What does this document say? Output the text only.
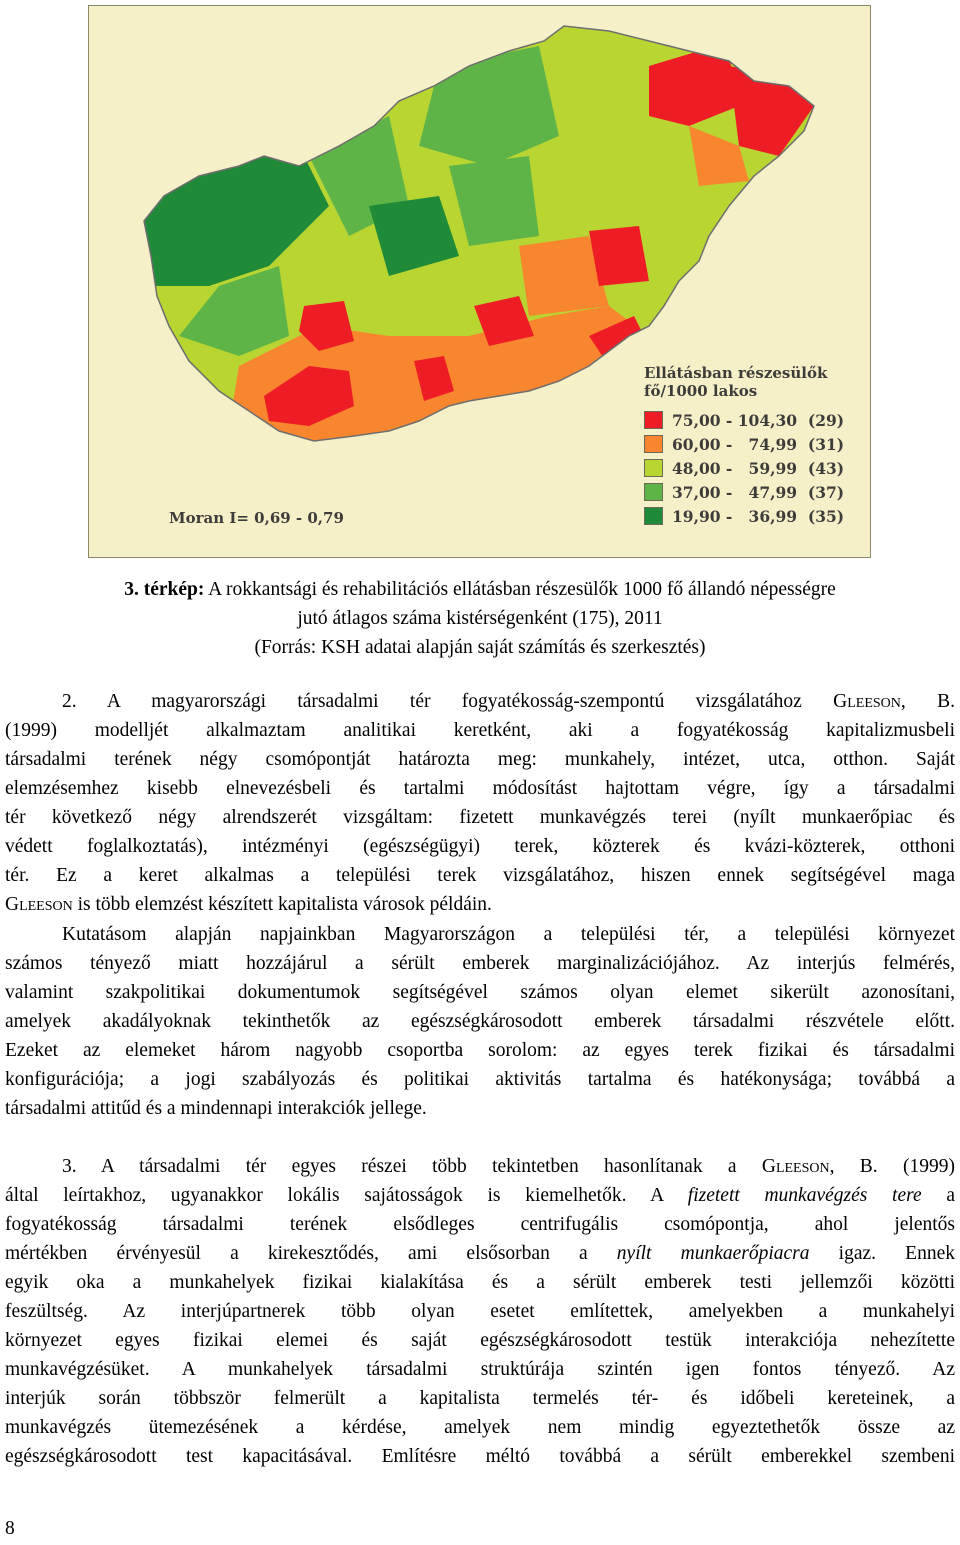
Ellátásban részesülők
fő/1000 lakos
75,00 - 104,30  (29)
60,00 -   74,99  (31)
48,00 -   59,99  (43)
37,00 -   47,99  (37)
19,90 -   36,99  (35)
Moran I= 0,69 - 0,79
3. térkép: A rokkantsági és rehabilitációs ellátásban részesülők 1000 fő állandó népességre
jutó átlagos száma kistérségenként (175), 2011
(Forrás: KSH adatai alapján saját számítás és szerkesztés)
2. A magyarországi társadalmi tér fogyatékosság-szempontú vizsgálatához Gleeson, B.
(1999) modelljét alkalmaztam analitikai keretként, aki a fogyatékosság kapitalizmusbeli
társadalmi terének négy csomópontját határozta meg: munkahely, intézet, utca, otthon. Saját
elemzésemhez kisebb elnevezésbeli és tartalmi módosítást hajtottam végre, így a társadalmi
tér következő négy alrendszerét vizsgáltam: fizetett munkavégzés terei (nyílt munkaerőpiac és
védett foglalkoztatás), intézményi (egészségügyi) terek, közterek és kvázi-közterek, otthoni
tér. Ez a keret alkalmas a települési terek vizsgálatához, hiszen ennek segítségével maga
Gleeson is több elemzést készített kapitalista városok példáin.
Kutatásom alapján napjainkban Magyarországon a települési tér, a települési környezet
számos tényező miatt hozzájárul a sérült emberek marginalizációjához. Az interjús felmérés,
valamint szakpolitikai dokumentumok segítségével számos olyan elemet sikerült azonosítani,
amelyek akadályoknak tekinthetők az egészségkárosodott emberek társadalmi részvétele előtt.
Ezeket az elemeket három nagyobb csoportba sorolom: az egyes terek fizikai és társadalmi
konfigurációja; a jogi szabályozás és politikai aktivitás tartalma és hatékonysága; továbbá a
társadalmi attitűd és a mindennapi interakciók jellege.
3. A társadalmi tér egyes részei több tekintetben hasonlítanak a Gleeson, B. (1999)
által leírtakhoz, ugyanakkor lokális sajátosságok is kiemelhetők. A fizetett munkavégzés tere a
fogyatékosság társadalmi terének elsődleges centrifugális csomópontja, ahol jelentős
mértékben érvényesül a kirekesztődés, ami elsősorban a nyílt munkaerőpiacra igaz. Ennek
egyik oka a munkahelyek fizikai kialakítása és a sérült emberek testi jellemzői közötti
feszültség. Az interjúpartnerek több olyan esetet említettek, amelyekben a munkahelyi
környezet egyes fizikai elemei és saját egészségkárosodott testük interakciója nehezítette
munkavégzésüket. A munkahelyek társadalmi struktúrája szintén igen fontos tényező. Az
interjúk során többször felmerült a kapitalista termelés tér- és időbeli kereteinek, a
munkavégzés ütemezésének a kérdése, amelyek nem mindig egyeztethetők össze az
egészségkárosodott test kapacitásával. Említésre méltó továbbá a sérült emberekkel szembeni
8
